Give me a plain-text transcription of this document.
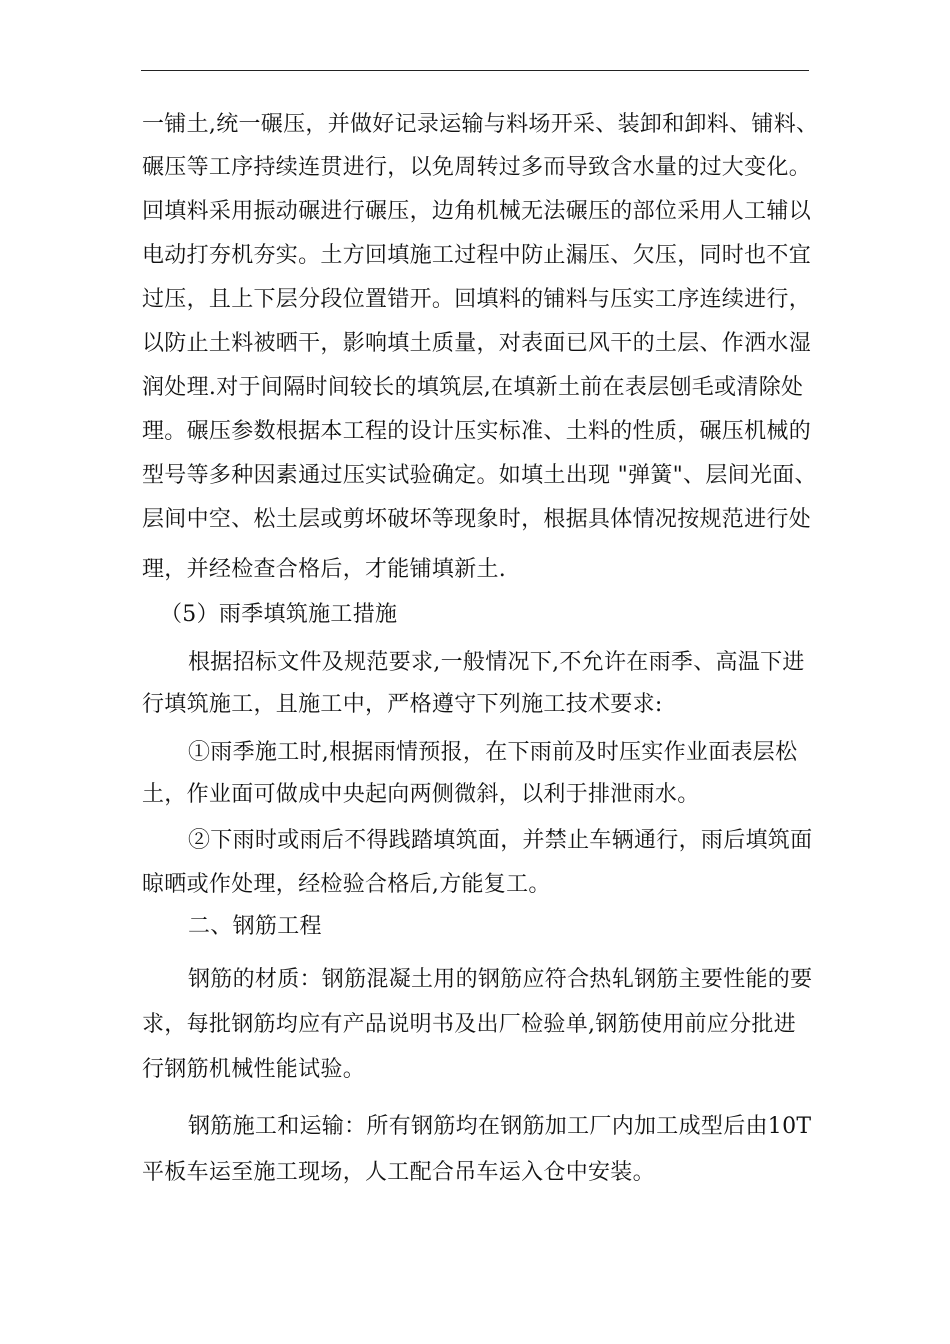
一铺土,统一碾压，并做好记录运输与料场开采、装卸和卸料、铺料、
碾压等工序持续连贯进行，以免周转过多而导致含水量的过大变化。
回填料采用振动碾进行碾压，边角机械无法碾压的部位采用人工辅以
电动打夯机夯实。土方回填施工过程中防止漏压、欠压，同时也不宜
过压，且上下层分段位置错开。回填料的铺料与压实工序连续进行，
以防止土料被晒干，影响填土质量，对表面已风干的土层、作洒水湿
润处理.对于间隔时间较长的填筑层,在填新土前在表层刨毛或清除处
理。碾压参数根据本工程的设计压实标准、土料的性质，碾压机械的
型号等多种因素通过压实试验确定。如填土出现 "弹簧"、层间光面、
层间中空、松土层或剪坏破坏等现象时，根据具体情况按规范进行处
理，并经检查合格后，才能铺填新土.
（5）雨季填筑施工措施
根据招标文件及规范要求,一般情况下,不允许在雨季、高温下进
行填筑施工，且施工中，严格遵守下列施工技术要求:
①雨季施工时,根据雨情预报，在下雨前及时压实作业面表层松
土，作业面可做成中央起向两侧微斜，以利于排泄雨水。
②下雨时或雨后不得践踏填筑面，并禁止车辆通行，雨后填筑面
晾晒或作处理，经检验合格后,方能复工。
二、钢筋工程
钢筋的材质：钢筋混凝土用的钢筋应符合热轧钢筋主要性能的要
求，每批钢筋均应有产品说明书及出厂检验单,钢筋使用前应分批进
行钢筋机械性能试验。
钢筋施工和运输：所有钢筋均在钢筋加工厂内加工成型后由10T
平板车运至施工现场，人工配合吊车运入仓中安装。
